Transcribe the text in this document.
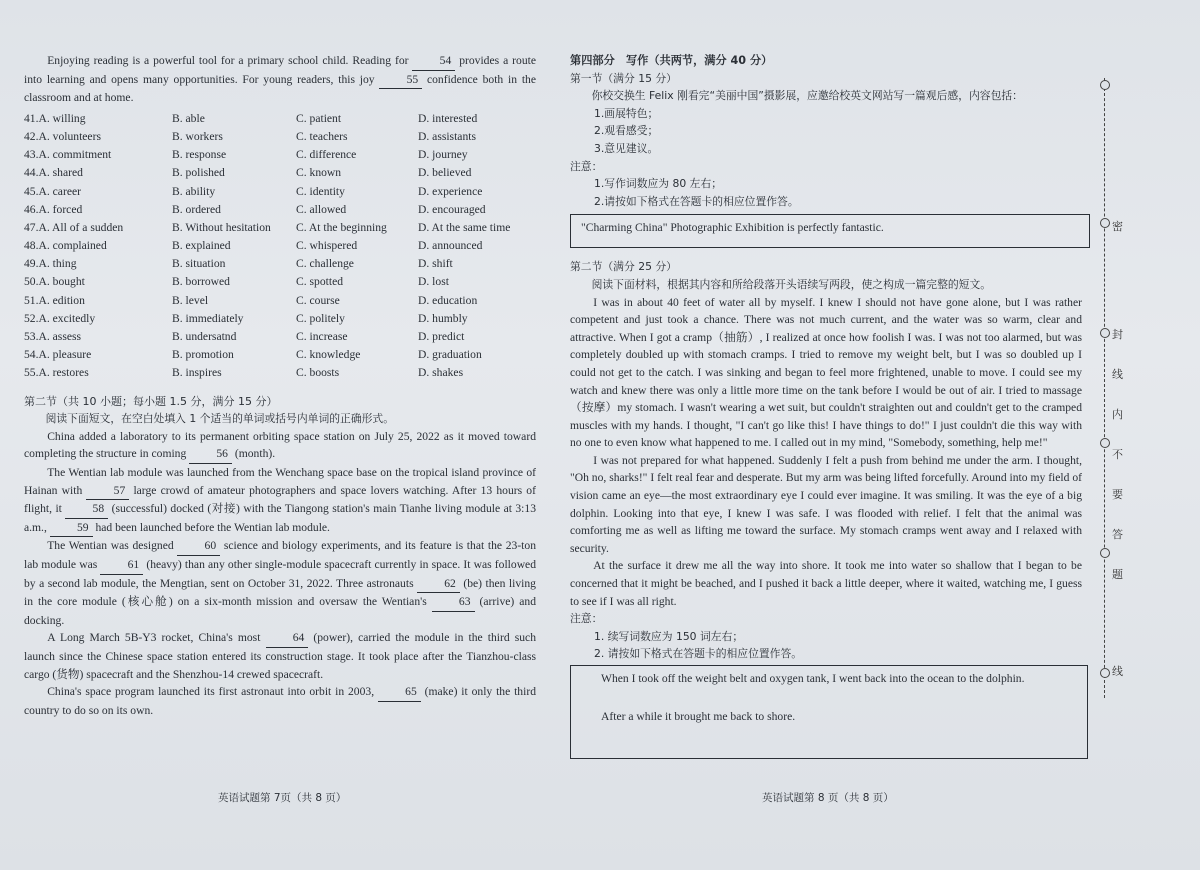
Enjoying reading is a powerful tool for a primary school child. Reading for	54 provides a route into learning and opens many opportunities. For young readers, this joy	55 confidence both in the classroom and at home.

41.A. willing	B. able	C. patient	D. interested
42.A. volunteers	B. workers	C. teachers	D. assistants
43.A. commitment	B. response	C. difference	D. journey
44.A. shared	B. polished	C. known	D. believed
45.A. career	B. ability	C. identity	D. experience
46.A. forced	B. ordered	C. allowed	D. encouraged
47.A. All of a sudden	B. Without hesitation	C. At the beginning	D. At the same time
48.A. complained	B. explained	C. whispered	D. announced
49.A. thing	B. situation	C. challenge	D. shift
50.A. bought	B. borrowed	C. spotted	D. lost
51.A. edition	B. level	C. course	D. education
52.A. excitedly	B. immediately	C. politely	D. humbly
53.A. assess	B. undersatnd	C. increase	D. predict
54.A. pleasure	B. promotion	C. knowledge	D. graduation
55.A. restores	B. inspires	C. boosts	D. shakes

第二节（共 10 小题；每小题 1.5 分，满分 15 分）

阅读下面短文，在空白处填入 1 个适当的单词或括号内单词的正确形式。

China added a laboratory to its permanent orbiting space station on July 25, 2022 as it moved toward completing the structure in coming	56 (month).

The Wentian lab module was launched from the Wenchang space base on the tropical island province of Hainan with	57 large crowd of amateur photographers and space lovers watching. After 13 hours of flight, it	58 (successful) docked (对接) with the Tiangong station's main Tianhe living module at 3:13 a.m.,	59 had been launched before the Wentian lab module.

The Wentian was designed	60 science and biology experiments, and its feature is that the 23-ton lab module was	61 (heavy) than any other single-module spacecraft currently in space. It was followed by a second lab module, the Mengtian, sent on October 31, 2022. Three astronauts	62 (be) then living in the core module (核心舱) on a six-month mission and oversaw the Wentian's	63 (arrive) and docking.

A Long March 5B-Y3 rocket, China's most	64 (power), carried the module in the third such launch since the Chinese space station entered its construction stage. It took place after the Tianzhou-class cargo (货物) spacecraft and the Shenzhou-14 crewed spacecraft.

China's space program launched its first astronaut into orbit in 2003,	65 (make) it only the third country to do so on its own.

英语试题第 7页（共 8 页）

第四部分　写作（共两节，满分 40 分）

第一节（满分 15 分）

你校交换生 Felix 刚看完“美丽中国”摄影展，应邀给校英文网站写一篇观后感，内容包括：

1.画展特色；

2.观看感受；

3.意见建议。

注意：

1.写作词数应为 80 左右；

2.请按如下格式在答题卡的相应位置作答。

"Charming China" Photographic Exhibition is perfectly fantastic.

第二节（满分 25 分）

阅读下面材料，根据其内容和所给段落开头语续写两段，使之构成一篇完整的短文。

I was in about 40 feet of water all by myself. I knew I should not have gone alone, but I was rather competent and just took a chance. There was not much current, and the water was so warm, clear and attractive. When I got a cramp（抽筋）, I realized at once how foolish I was. I was not too alarmed, but was completely doubled up with stomach cramps. I tried to remove my weight belt, but I was so doubled up I could not get to the catch. I was sinking and began to feel more frightened, unable to move. I could see my watch and knew there was only a little more time on the tank before I would be out of air. I tried to massage（按摩）my stomach. I wasn't wearing a wet suit, but couldn't straighten out and couldn't get to the cramped muscles with my hands. I thought, "I can't go like this! I have things to do!" I just couldn't die this way with no one to even know what happened to me. I called out in my mind, "Somebody, something, help me!"

I was not prepared for what happened. Suddenly I felt a push from behind me under the arm. I thought, "Oh no, sharks!" I felt real fear and desperate. But my arm was being lifted forcefully. Around into my field of vision came an eye—the most extraordinary eye I could ever imagine. It was smiling. It was the eye of a big dolphin. Looking into that eye, I knew I was safe. I was flooded with relief. I felt that the animal was comforting me as well as lifting me toward the surface. My stomach cramps went away and I relaxed with security.

At the surface it drew me all the way into shore. It took me into water so shallow that I began to be concerned that it might be beached, and I pushed it back a little deeper, where it waited, watching me, I guess to see if I was all right.

注意：

1. 续写词数应为 150 词左右；

2. 请按如下格式在答题卡的相应位置作答。

When I took off the weight belt and oxygen tank, I went back into the ocean to the dolphin.

After a while it brought me back to shore.

英语试题第 8 页（共 8 页）
密
封
线
内
不
要
答
题
线
